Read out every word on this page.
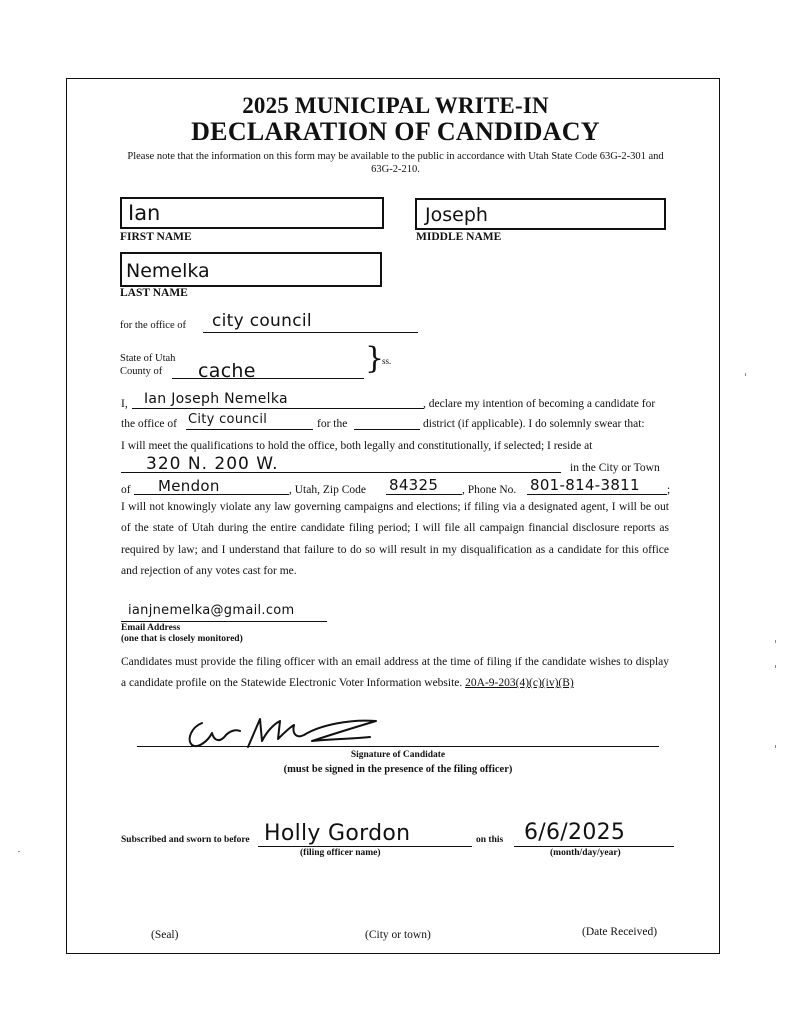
2025 MUNICIPAL WRITE-IN
DECLARATION OF CANDIDACY
Please note that the information on this form may be available to the public in accordance with Utah State Code 63G-2-301 and 63G-2-210.
Ian
FIRST NAME
Joseph
MIDDLE NAME
Nemelka
LAST NAME
for the office of city council
State of Utah
County of cache	}
ss.
I, Ian Joseph Nemelka	, declare my intention of becoming a candidate for
the office of City council	for the	district (if applicable). I do solemnly swear that:
I will meet the qualifications to hold the office, both legally and constitutionally, if selected; I reside at
320 N. 200 W.	in the City or Town
of Mendon	, Utah, Zip Code 84325 , Phone No. 801-814-3811 ;
I will not knowingly violate any law governing campaigns and elections; if filing via a designated agent, I will be out of the state of Utah during the entire candidate filing period; I will file all campaign financial disclosure reports as required by law; and I understand that failure to do so will result in my disqualification as a candidate for this office and rejection of any votes cast for me.
ianjnemelka@gmail.com
Email Address
(one that is closely monitored)
Candidates must provide the filing officer with an email address at the time of filing if the candidate wishes to display a candidate profile on the Statewide Electronic Voter Information website. 20A-9-203(4)(c)(iv)(B)
Signature of Candidate
(must be signed in the presence of the filing officer)
Subscribed and sworn to before Holly Gordon
(filing officer name)
on this 6/6/2025
(month/day/year)
(Seal)	(City or town)	(Date Received)
